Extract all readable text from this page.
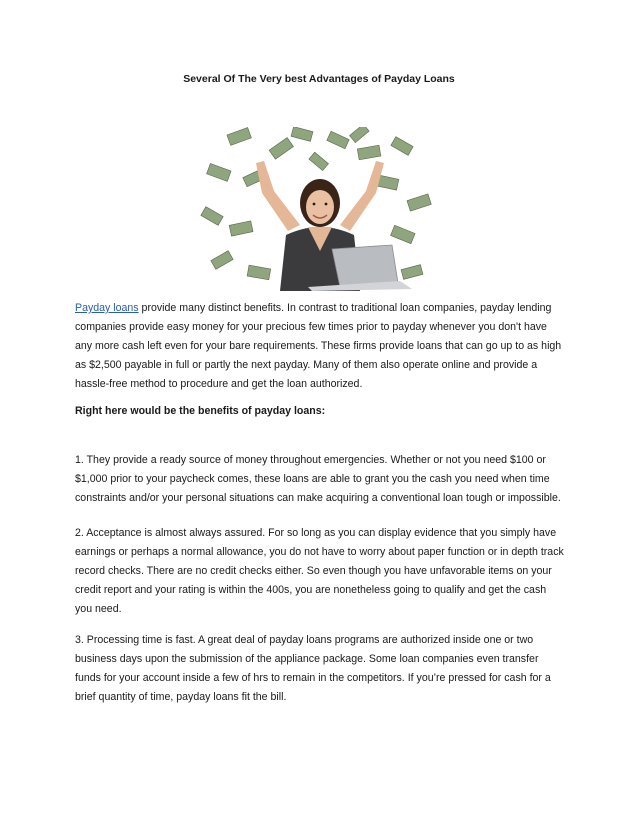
Several Of The Very best Advantages of Payday Loans

Payday loans provide many distinct benefits. In contrast to traditional loan companies, payday lending companies provide easy money for your precious few times prior to payday whenever you don't have any more cash left even for your bare requirements. These firms provide loans that can go up to as high as $2,500 payable in full or partly the next payday. Many of them also operate online and provide a hassle-free method to procedure and get the loan authorized.

Right here would be the benefits of payday loans:

1. They provide a ready source of money throughout emergencies. Whether or not you need $100 or $1,000 prior to your paycheck comes, these loans are able to grant you the cash you need when time constraints and/or your personal situations can make acquiring a conventional loan tough or impossible.

2. Acceptance is almost always assured. For so long as you can display evidence that you simply have earnings or perhaps a normal allowance, you do not have to worry about paper function or in depth track record checks. There are no credit checks either. So even though you have unfavorable items on your credit report and your rating is within the 400s, you are nonetheless going to qualify and get the cash you need.

3. Processing time is fast. A great deal of payday loans programs are authorized inside one or two business days upon the submission of the appliance package. Some loan companies even transfer funds for your account inside a few of hrs to remain in the competitors. If you’re pressed for cash for a brief quantity of time, payday loans fit the bill.
